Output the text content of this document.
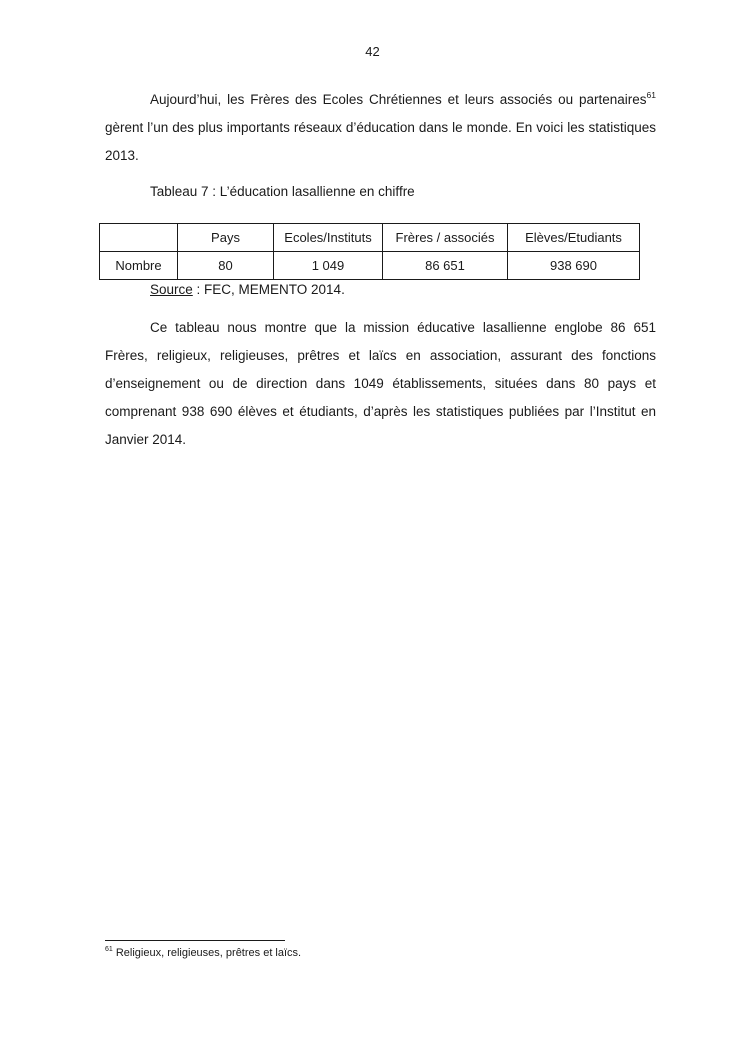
42

Aujourd’hui, les Frères des Ecoles Chrétiennes et leurs associés ou partenaires$^{61}$ gèrent l’un des plus importants réseaux d’éducation dans le monde. En voici les statistiques 2013.

Tableau 7 : L’éducation lasallienne en chiffre
	Pays	Ecoles/Instituts	Frères / associés	Elèves/Etudiants
Nombre	80	1 049	86 651	938 690
Source : FEC, MEMENTO 2014.

Ce tableau nous montre que la mission éducative lasallienne englobe 86 651 Frères, religieux, religieuses, prêtres et laïcs en association, assurant des fonctions d’enseignement ou de direction dans 1049 établissements, situées dans 80 pays et comprenant 938 690 élèves et étudiants, d’après les statistiques publiées par l’Institut en Janvier 2014.

$^{61}$ Religieux, religieuses, prêtres et laïcs.
